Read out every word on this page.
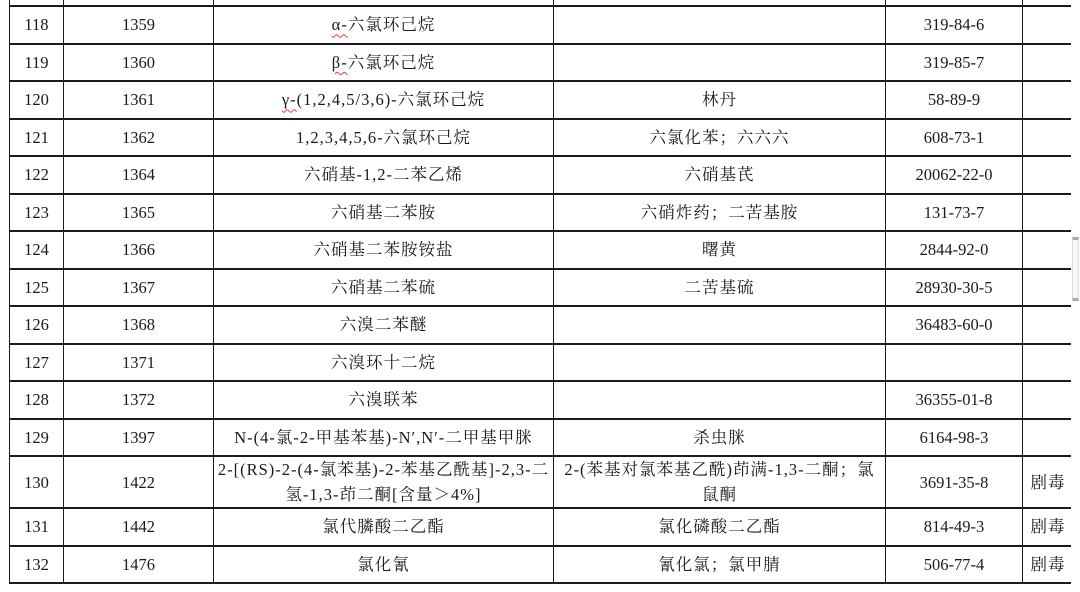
118	1359	α-六氯环己烷		319-84-6	
119	1360	β-六氯环己烷		319-85-7	
120	1361	γ-(1,2,4,5/3,6)-六氯环己烷	林丹	58-89-9	
121	1362	1,2,3,4,5,6-六氯环己烷	六氯化苯；六六六	608-73-1	
122	1364	六硝基-1,2-二苯乙烯	六硝基芪	20062-22-0	
123	1365	六硝基二苯胺	六硝炸药；二苦基胺	131-73-7	
124	1366	六硝基二苯胺铵盐	曙黄	2844-92-0	
125	1367	六硝基二苯硫	二苦基硫	28930-30-5	
126	1368	六溴二苯醚		36483-60-0	
127	1371	六溴环十二烷			
128	1372	六溴联苯		36355-01-8	
129	1397	N-(4-氯-2-甲基苯基)-N′,N′-二甲基甲脒	杀虫脒	6164-98-3	
130	1422	2-[(RS)-2-(4-氯苯基)-2-苯基乙酰基]-2,3-二氢-1,3-茚二酮[含量＞4%]	2-(苯基对氯苯基乙酰)茚满-1,3-二酮；氯鼠酮	3691-35-8	剧毒
131	1442	氯代膦酸二乙酯	氯化磷酸二乙酯	814-49-3	剧毒
132	1476	氯化氰	氰化氯；氯甲腈	506-77-4	剧毒
